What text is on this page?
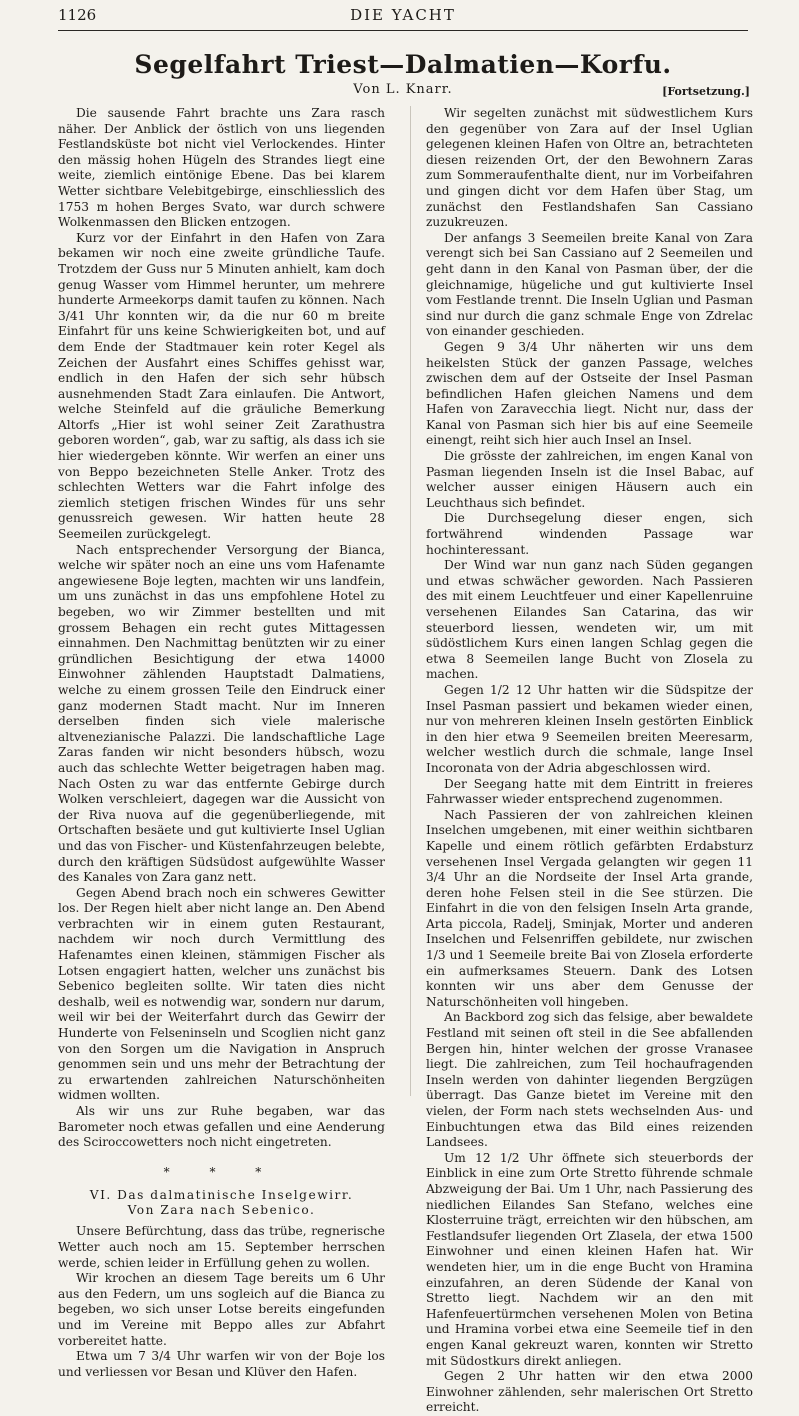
1126	DIE YACHT
Segelfahrt Triest—Dalmatien—Korfu.
Von L. Knarr.	[Fortsetzung.]

Die sausende Fahrt brachte uns Zara rasch näher. Der Anblick der östlich von uns liegenden Festlandsküste bot nicht viel Verlockendes. Hinter den mässig hohen Hügeln des Strandes liegt eine weite, ziemlich eintönige Ebene. Das bei klarem Wetter sichtbare Velebitgebirge, einschliesslich des 1753 m hohen Berges Svato, war durch schwere Wolkenmassen den Blicken entzogen.

Kurz vor der Einfahrt in den Hafen von Zara bekamen wir noch eine zweite gründliche Taufe. Trotzdem der Guss nur 5 Minuten anhielt, kam doch genug Wasser vom Himmel herunter, um mehrere hunderte Armeekorps damit taufen zu können. Nach 3/41 Uhr konnten wir, da die nur 60 m breite Einfahrt für uns keine Schwierigkeiten bot, und auf dem Ende der Stadtmauer kein roter Kegel als Zeichen der Ausfahrt eines Schiffes gehisst war, endlich in den Hafen der sich sehr hübsch ausnehmenden Stadt Zara einlaufen. Die Antwort, welche Steinfeld auf die gräuliche Bemerkung Altorfs „Hier ist wohl seiner Zeit Zarathustra geboren worden“, gab, war zu saftig, als dass ich sie hier wiedergeben könnte. Wir werfen an einer uns von Beppo bezeichneten Stelle Anker. Trotz des schlechten Wetters war die Fahrt infolge des ziemlich stetigen frischen Windes für uns sehr genussreich gewesen. Wir hatten heute 28 Seemeilen zurückgelegt.

Nach entsprechender Versorgung der Bianca, welche wir später noch an eine uns vom Hafenamte angewiesene Boje legten, machten wir uns landfein, um uns zunächst in das uns empfohlene Hotel zu begeben, wo wir Zimmer bestellten und mit grossem Behagen ein recht gutes Mittagessen einnahmen. Den Nachmittag benützten wir zu einer gründlichen Besichtigung der etwa 14000 Einwohner zählenden Hauptstadt Dalmatiens, welche zu einem grossen Teile den Eindruck einer ganz modernen Stadt macht. Nur im Inneren derselben finden sich viele malerische altvenezianische Palazzi. Die landschaftliche Lage Zaras fanden wir nicht besonders hübsch, wozu auch das schlechte Wetter beigetragen haben mag. Nach Osten zu war das entfernte Gebirge durch Wolken verschleiert, dagegen war die Aussicht von der Riva nuova auf die gegenüberliegende, mit Ortschaften besäete und gut kultivierte Insel Uglian und das von Fischer- und Küstenfahrzeugen belebte, durch den kräftigen Südsüdost aufgewühlte Wasser des Kanales von Zara ganz nett.

Gegen Abend brach noch ein schweres Gewitter los. Der Regen hielt aber nicht lange an. Den Abend verbrachten wir in einem guten Restaurant, nachdem wir noch durch Vermittlung des Hafenamtes einen kleinen, stämmigen Fischer als Lotsen engagiert hatten, welcher uns zunächst bis Sebenico begleiten sollte. Wir taten dies nicht deshalb, weil es notwendig war, sondern nur darum, weil wir bei der Weiterfahrt durch das Gewirr der Hunderte von Felseninseln und Scoglien nicht ganz von den Sorgen um die Navigation in Anspruch genommen sein und uns mehr der Betrachtung der zu erwartenden zahlreichen Naturschönheiten widmen wollten.

Als wir uns zur Ruhe begaben, war das Barometer noch etwas gefallen und eine Aenderung des Sciroccowetters noch nicht eingetreten.

* * *
VI. Das dalmatinische Inselgewirr.
Von Zara nach Sebenico.

Unsere Befürchtung, dass das trübe, regnerische Wetter auch noch am 15. September herrschen werde, schien leider in Erfüllung gehen zu wollen.

Wir krochen an diesem Tage bereits um 6 Uhr aus den Federn, um uns sogleich auf die Bianca zu begeben, wo sich unser Lotse bereits eingefunden und im Vereine mit Beppo alles zur Abfahrt vorbereitet hatte.

Etwa um 7 3/4 Uhr warfen wir von der Boje los und verliessen vor Besan und Klüver den Hafen.

Wir segelten zunächst mit südwestlichem Kurs den gegenüber von Zara auf der Insel Uglian gelegenen kleinen Hafen von Oltre an, betrachteten diesen reizenden Ort, der den Bewohnern Zaras zum Sommeraufenthalte dient, nur im Vorbeifahren und gingen dicht vor dem Hafen über Stag, um zunächst den Festlandshafen San Cassiano zuzukreuzen.

Der anfangs 3 Seemeilen breite Kanal von Zara verengt sich bei San Cassiano auf 2 Seemeilen und geht dann in den Kanal von Pasman über, der die gleichnamige, hügeliche und gut kultivierte Insel vom Festlande trennt. Die Inseln Uglian und Pasman sind nur durch die ganz schmale Enge von Zdrelac von einander geschieden.

Gegen 9 3/4 Uhr näherten wir uns dem heikelsten Stück der ganzen Passage, welches zwischen dem auf der Ostseite der Insel Pasman befindlichen Hafen gleichen Namens und dem Hafen von Zaravecchia liegt. Nicht nur, dass der Kanal von Pasman sich hier bis auf eine Seemeile einengt, reiht sich hier auch Insel an Insel.

Die grösste der zahlreichen, im engen Kanal von Pasman liegenden Inseln ist die Insel Babac, auf welcher ausser einigen Häusern auch ein Leuchthaus sich befindet.

Die Durchsegelung dieser engen, sich fortwährend windenden Passage war hochinteressant.

Der Wind war nun ganz nach Süden gegangen und etwas schwächer geworden. Nach Passieren des mit einem Leuchtfeuer und einer Kapellenruine versehenen Eilandes San Catarina, das wir steuerbord liessen, wendeten wir, um mit südöstlichem Kurs einen langen Schlag gegen die etwa 8 Seemeilen lange Bucht von Zlosela zu machen.

Gegen 1/2 12 Uhr hatten wir die Südspitze der Insel Pasman passiert und bekamen wieder einen, nur von mehreren kleinen Inseln gestörten Einblick in den hier etwa 9 Seemeilen breiten Meeresarm, welcher westlich durch die schmale, lange Insel Incoronata von der Adria abgeschlossen wird.

Der Seegang hatte mit dem Eintritt in freieres Fahrwasser wieder entsprechend zugenommen.

Nach Passieren der von zahlreichen kleinen Inselchen umgebenen, mit einer weithin sichtbaren Kapelle und einem rötlich gefärbten Erdabsturz versehenen Insel Vergada gelangten wir gegen 11 3/4 Uhr an die Nordseite der Insel Arta grande, deren hohe Felsen steil in die See stürzen. Die Einfahrt in die von den felsigen Inseln Arta grande, Arta piccola, Radelj, Sminjak, Morter und anderen Inselchen und Felsenriffen gebildete, nur zwischen 1/3 und 1 Seemeile breite Bai von Zlosela erforderte ein aufmerksames Steuern. Dank des Lotsen konnten wir uns aber dem Genusse der Naturschönheiten voll hingeben.

An Backbord zog sich das felsige, aber bewaldete Festland mit seinen oft steil in die See abfallenden Bergen hin, hinter welchen der grosse Vranasee liegt. Die zahlreichen, zum Teil hochaufragenden Inseln werden von dahinter liegenden Bergzügen überragt. Das Ganze bietet im Vereine mit den vielen, der Form nach stets wechselnden Aus- und Einbuchtungen etwa das Bild eines reizenden Landsees.

Um 12 1/2 Uhr öffnete sich steuerbords der Einblick in eine zum Orte Stretto führende schmale Abzweigung der Bai. Um 1 Uhr, nach Passierung des niedlichen Eilandes San Stefano, welches eine Klosterruine trägt, erreichten wir den hübschen, am Festlandsufer liegenden Ort Zlasela, der etwa 1500 Einwohner und einen kleinen Hafen hat. Wir wendeten hier, um in die enge Bucht von Hramina einzufahren, an deren Südende der Kanal von Stretto liegt. Nachdem wir an den mit Hafenfeuertürmchen versehenen Molen von Betina und Hramina vorbei etwa eine Seemeile tief in den engen Kanal gekreuzt waren, konnten wir Stretto mit Südostkurs direkt anliegen.

Gegen 2 Uhr hatten wir den etwa 2000 Einwohner zählenden, sehr malerischen Ort Stretto erreicht.
